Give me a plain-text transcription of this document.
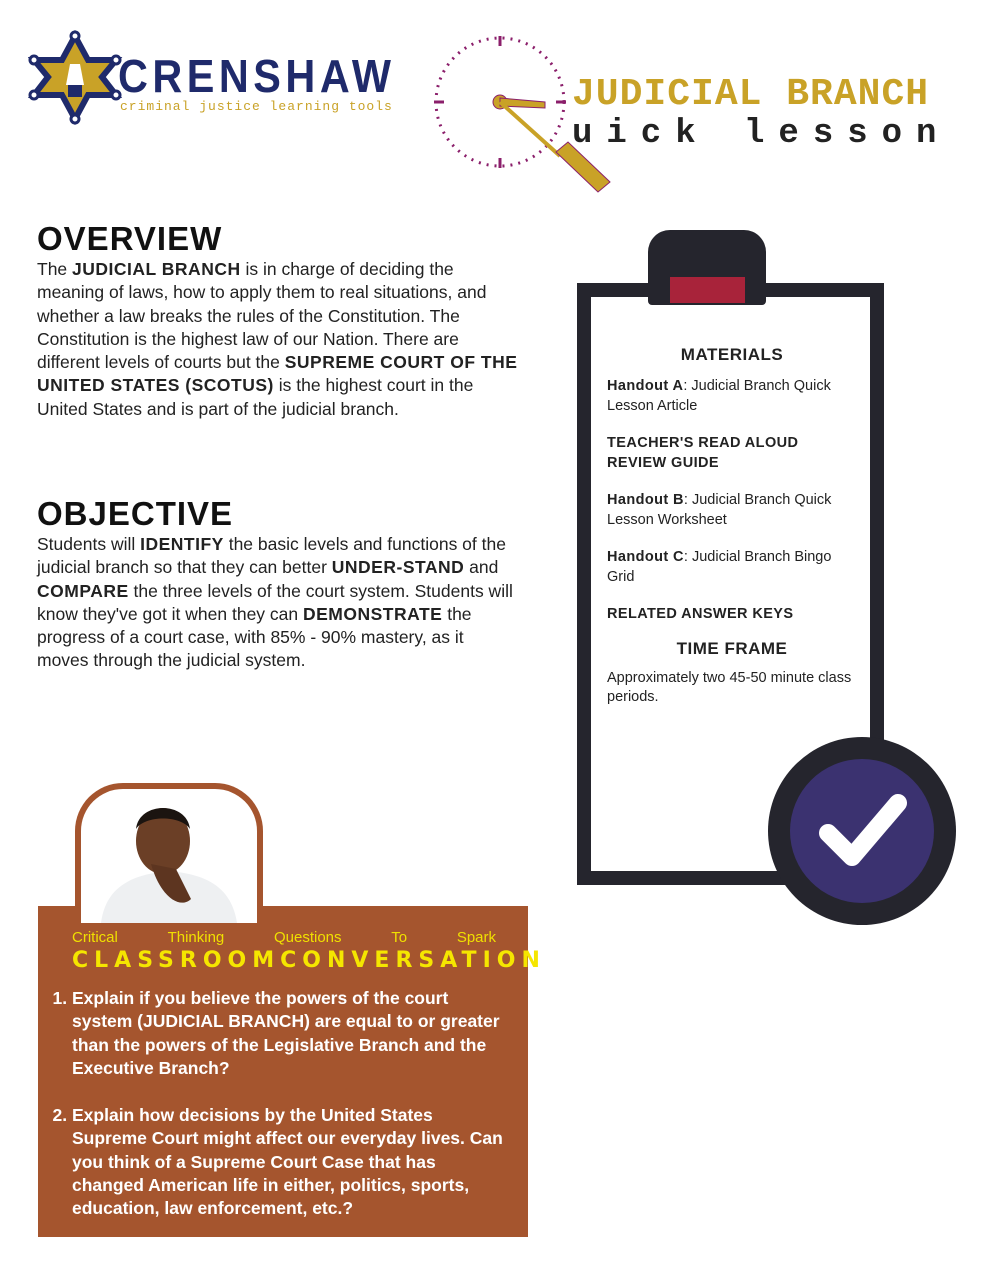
CRENSHAW
criminal justice learning tools	JUDICIAL BRANCH
uick lesson
OVERVIEW
The JUDICIAL BRANCH is in charge of deciding the meaning of laws, how to apply them to real situations, and whether a law breaks the rules of the Constitution. The Constitution is the highest law of our Nation. There are different levels of courts but the SUPREME COURT OF THE UNITED STATES (SCOTUS) is the highest court in the United States and is part of the judicial branch.
OBJECTIVE
Students will IDENTIFY the basic levels and functions of the judicial branch so that they can better UNDER-STAND and COMPARE the three levels of the court system. Students will know they've got it when they can DEMONSTRATE the progress of a court case, with 85% - 90% mastery, as it moves through the judicial system.
MATERIALS

Handout A: Judicial Branch Quick Lesson Article

TEACHER'S READ ALOUD REVIEW GUIDE

Handout B: Judicial Branch Quick Lesson Worksheet

Handout C: Judicial Branch Bingo Grid

RELATED ANSWER KEYS

TIME FRAME

Approximately two 45-50 minute class periods.

Critical	Thinking	Questions	To	Spark
CLASSROOM CONVERSATION
1. Explain if you believe the powers of the court system (JUDICIAL BRANCH) are equal to or greater than the powers of the Legislative Branch and the Executive Branch?
2. Explain how decisions by the United States Supreme Court might affect our everyday lives. Can you think of a Supreme Court Case that has changed American life in either, politics, sports, education, law enforcement, etc.?
